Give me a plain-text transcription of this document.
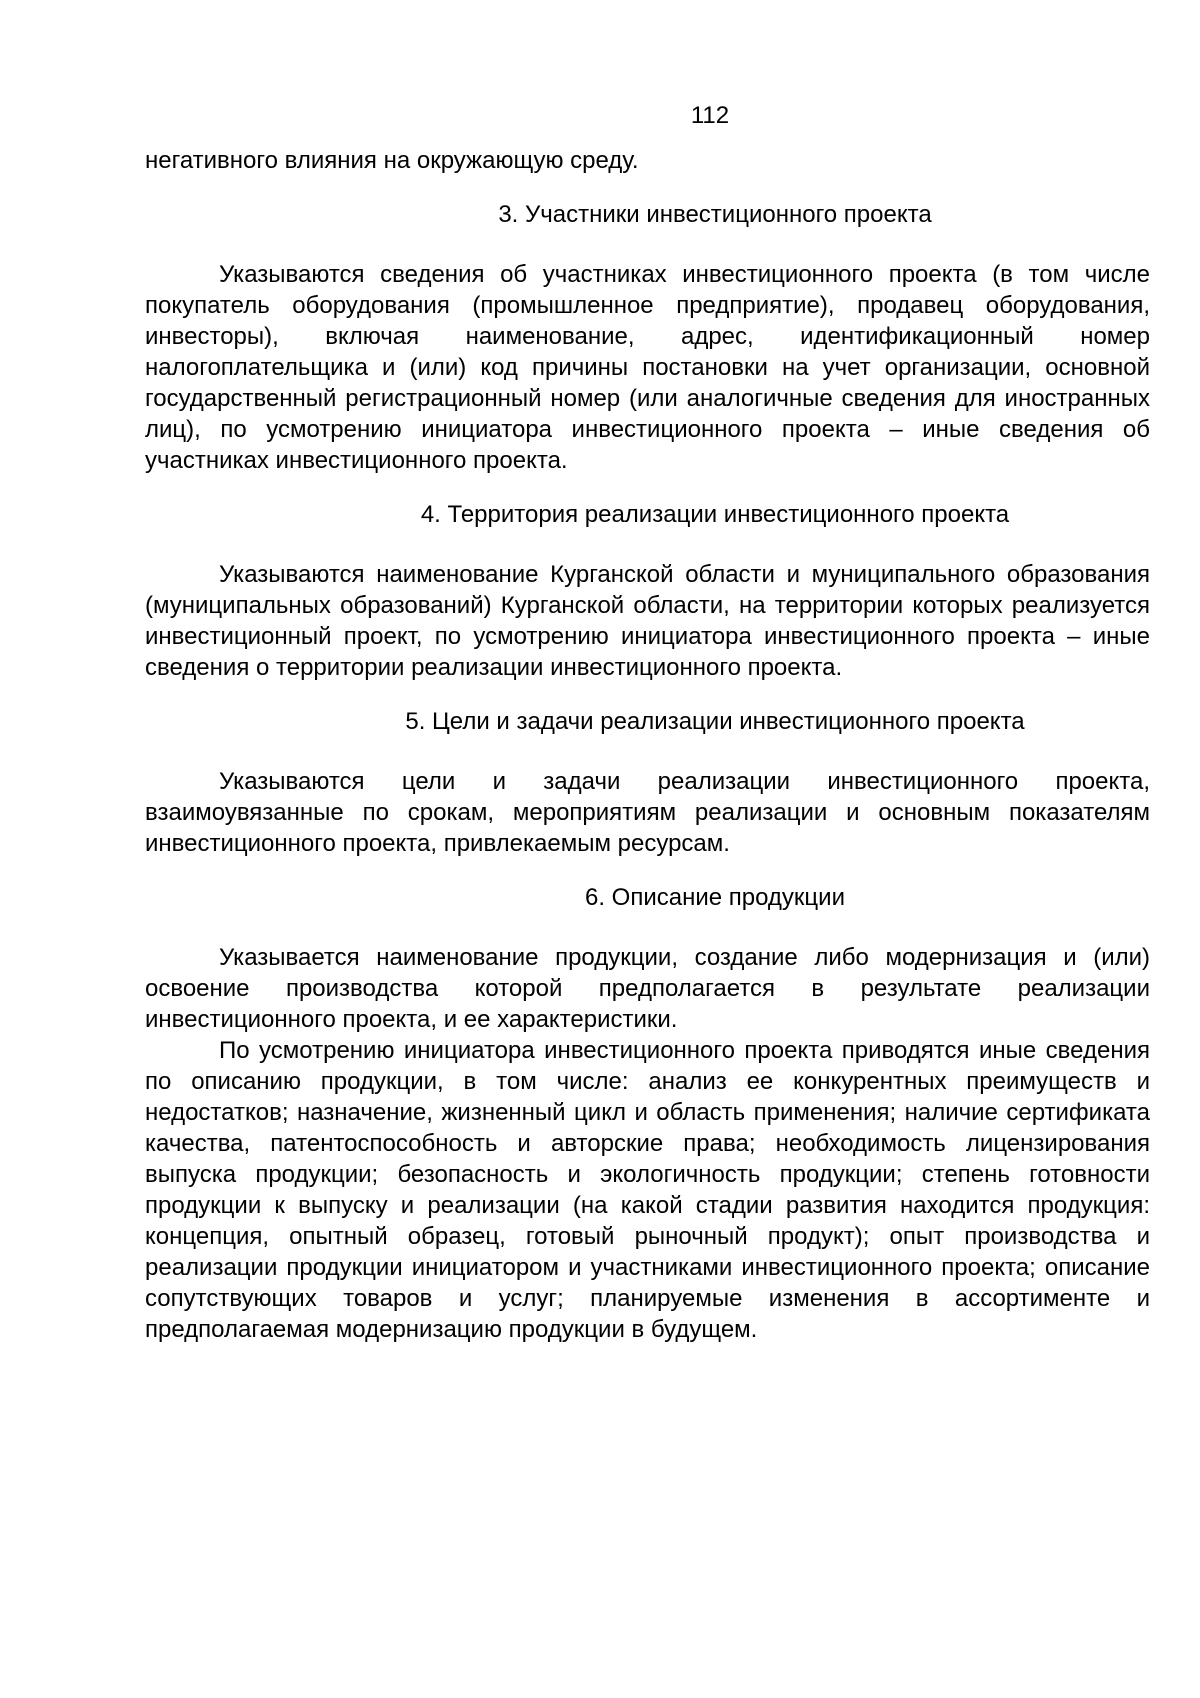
112

негативного влияния на окружающую среду.

3. Участники инвестиционного проекта

Указываются сведения об участниках инвестиционного проекта (в том числе покупатель оборудования (промышленное предприятие), продавец оборудования, инвесторы), включая наименование, адрес, идентификационный номер налогоплательщика и (или) код причины постановки на учет организации, основной государственный регистрационный номер (или аналогичные сведения для иностранных лиц), по усмотрению инициатора инвестиционного проекта – иные сведения об участниках инвестиционного проекта.

4. Территория реализации инвестиционного проекта

Указываются наименование Курганской области и муниципального образования (муниципальных образований) Курганской области, на территории которых реализуется инвестиционный проект, по усмотрению инициатора инвестиционного проекта – иные сведения о территории реализации инвестиционного проекта.

5. Цели и задачи реализации инвестиционного проекта

Указываются цели и задачи реализации инвестиционного проекта, взаимоувязанные по срокам, мероприятиям реализации и основным показателям инвестиционного проекта, привлекаемым ресурсам.

6. Описание продукции

Указывается наименование продукции, создание либо модернизация и (или) освоение производства которой предполагается в результате реализации инвестиционного проекта, и ее характеристики.

По усмотрению инициатора инвестиционного проекта приводятся иные сведения по описанию продукции, в том числе: анализ ее конкурентных преимуществ и недостатков; назначение, жизненный цикл и область применения; наличие сертификата качества, патентоспособность и авторские права; необходимость лицензирования выпуска продукции; безопасность и экологичность продукции; степень готовности продукции к выпуску и реализации (на какой стадии развития находится продукция: концепция, опытный образец, готовый рыночный продукт); опыт производства и реализации продукции инициатором и участниками инвестиционного проекта; описание сопутствующих товаров и услуг; планируемые изменения в ассортименте и предполагаемая модернизацию продукции в будущем.
